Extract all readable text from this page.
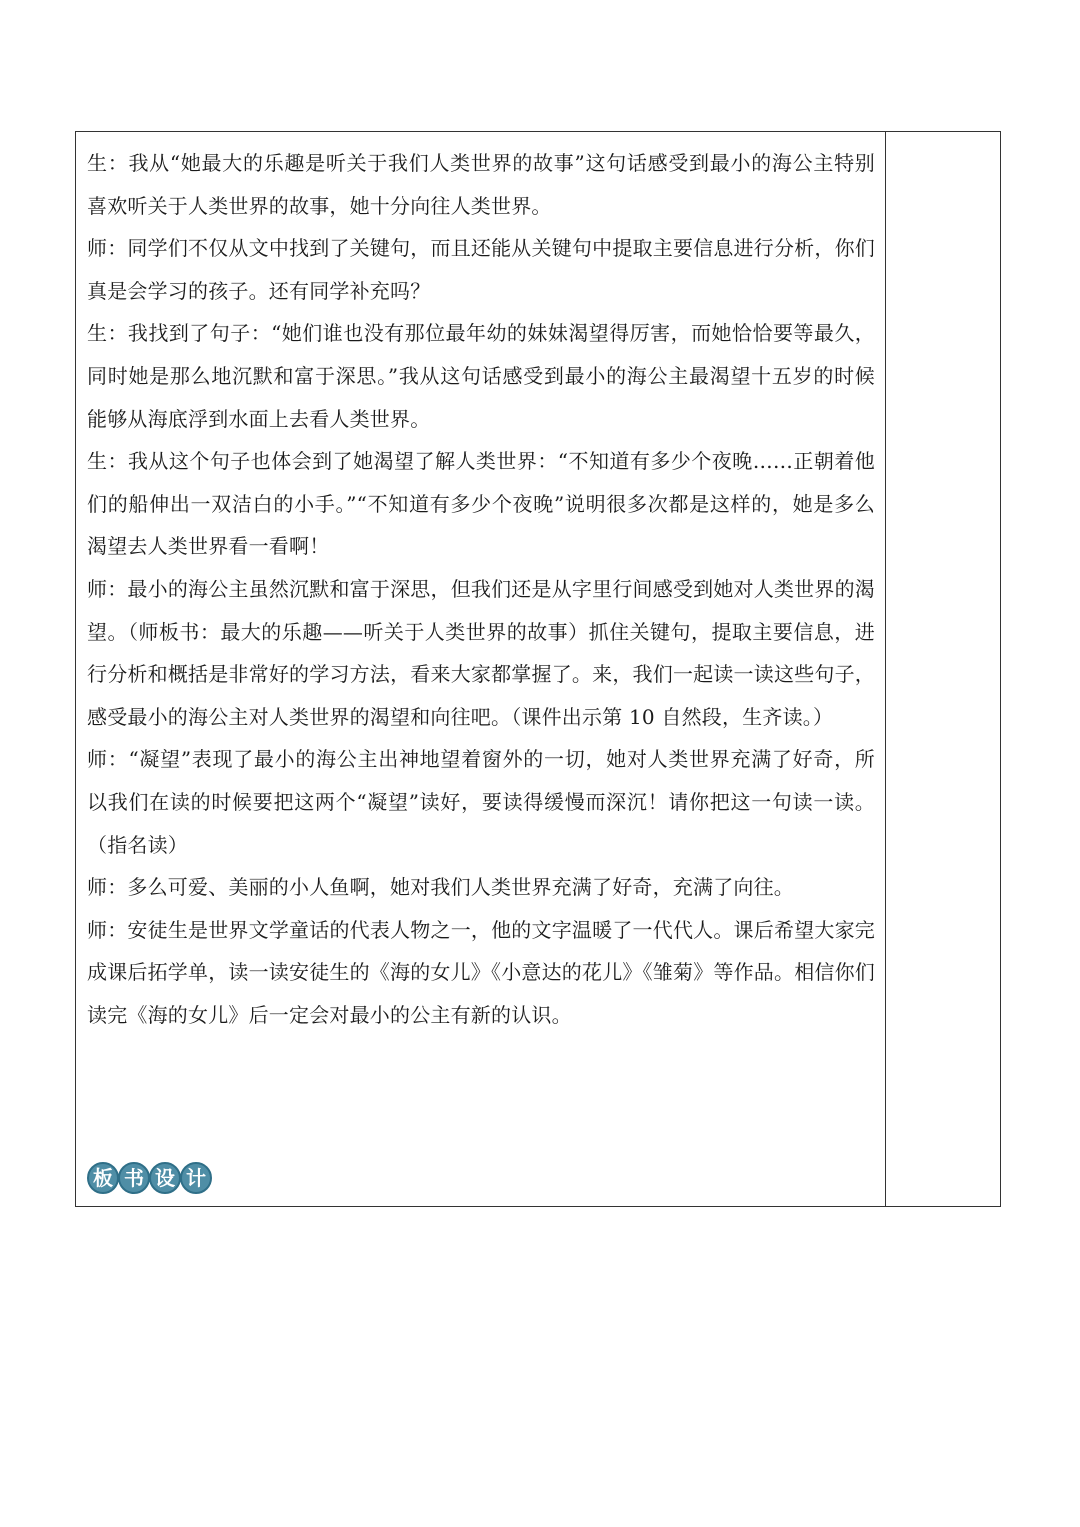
生：我从“她最大的乐趣是听关于我们人类世界的故事”这句话感受到最小的海公主特别喜欢听关于人类世界的故事，她十分向往人类世界。

师：同学们不仅从文中找到了关键句，而且还能从关键句中提取主要信息进行分析，你们真是会学习的孩子。还有同学补充吗？

生：我找到了句子：“她们谁也没有那位最年幼的妹妹渴望得厉害，而她恰恰要等最久，同时她是那么地沉默和富于深思。”我从这句话感受到最小的海公主最渴望十五岁的时候能够从海底浮到水面上去看人类世界。

生：我从这个句子也体会到了她渴望了解人类世界：“不知道有多少个夜晚……正朝着他们的船伸出一双洁白的小手。”“不知道有多少个夜晚”说明很多次都是这样的，她是多么渴望去人类世界看一看啊！

师：最小的海公主虽然沉默和富于深思，但我们还是从字里行间感受到她对人类世界的渴望。（师板书：最大的乐趣——听关于人类世界的故事）抓住关键句，提取主要信息，进行分析和概括是非常好的学习方法，看来大家都掌握了。来，我们一起读一读这些句子，感受最小的海公主对人类世界的渴望和向往吧。（课件出示第 10 自然段，生齐读。）

师：“凝望”表现了最小的海公主出神地望着窗外的一切，她对人类世界充满了好奇，所以我们在读的时候要把这两个“凝望”读好，要读得缓慢而深沉！请你把这一句读一读。（指名读）

师：多么可爱、美丽的小人鱼啊，她对我们人类世界充满了好奇，充满了向往。

师：安徒生是世界文学童话的代表人物之一，他的文字温暖了一代代人。课后希望大家完成课后拓学单，读一读安徒生的《海的女儿》《小意达的花儿》《雏菊》等作品。相信你们读完《海的女儿》后一定会对最小的公主有新的认识。

板 书 设 计
